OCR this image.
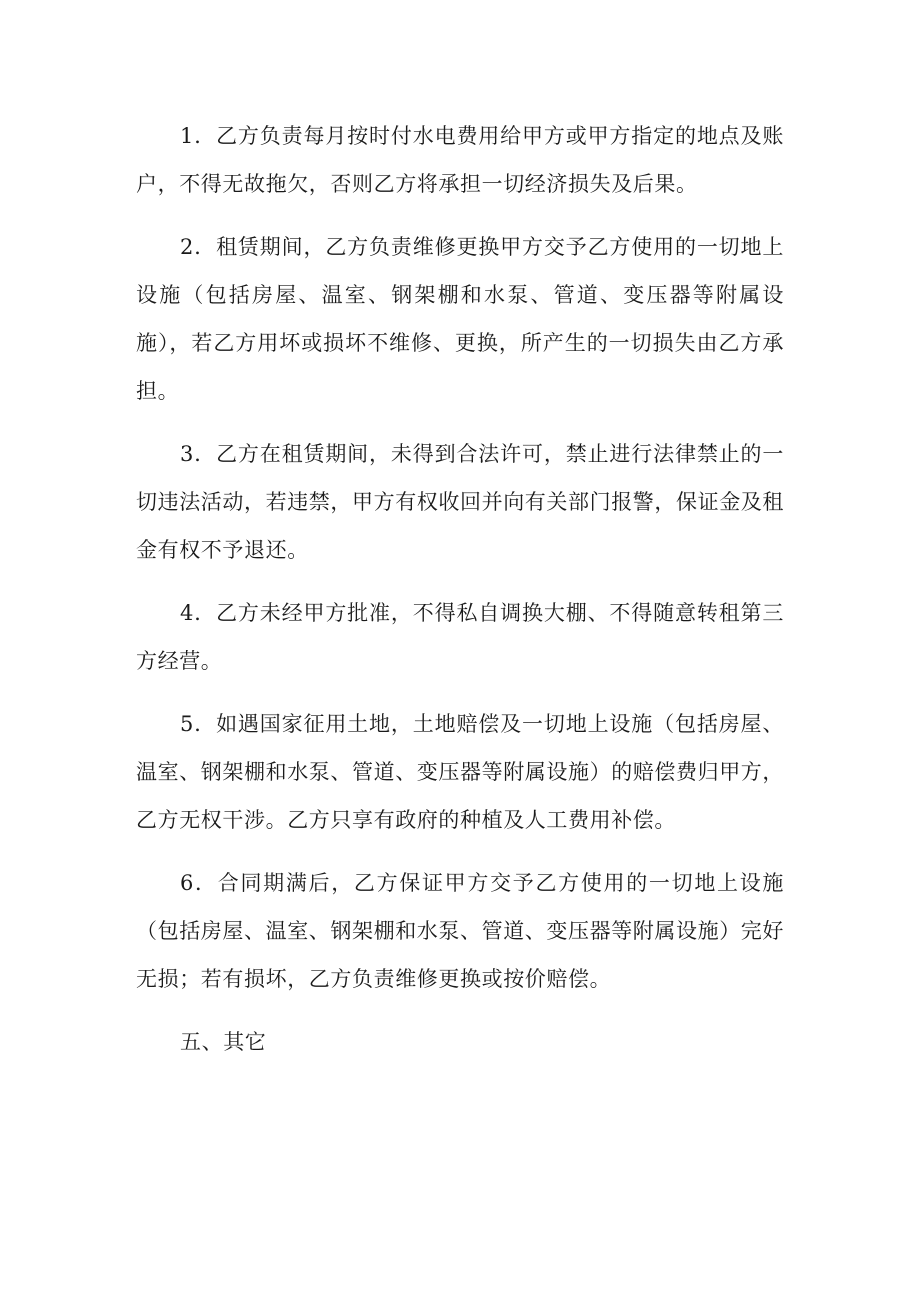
1．乙方负责每月按时付水电费用给甲方或甲方指定的地点及账户，不得无故拖欠，否则乙方将承担一切经济损失及后果。

2．租赁期间，乙方负责维修更换甲方交予乙方使用的一切地上设施（包括房屋、温室、钢架棚和水泵、管道、变压器等附属设施），若乙方用坏或损坏不维修、更换，所产生的一切损失由乙方承担。

3．乙方在租赁期间，未得到合法许可，禁止进行法律禁止的一切违法活动，若违禁，甲方有权收回并向有关部门报警，保证金及租金有权不予退还。

4．乙方未经甲方批准，不得私自调换大棚、不得随意转租第三方经营。

5．如遇国家征用土地，土地赔偿及一切地上设施（包括房屋、温室、钢架棚和水泵、管道、变压器等附属设施）的赔偿费归甲方，乙方无权干涉。乙方只享有政府的种植及人工费用补偿。

6．合同期满后，乙方保证甲方交予乙方使用的一切地上设施（包括房屋、温室、钢架棚和水泵、管道、变压器等附属设施）完好无损；若有损坏，乙方负责维修更换或按价赔偿。

五、其它
